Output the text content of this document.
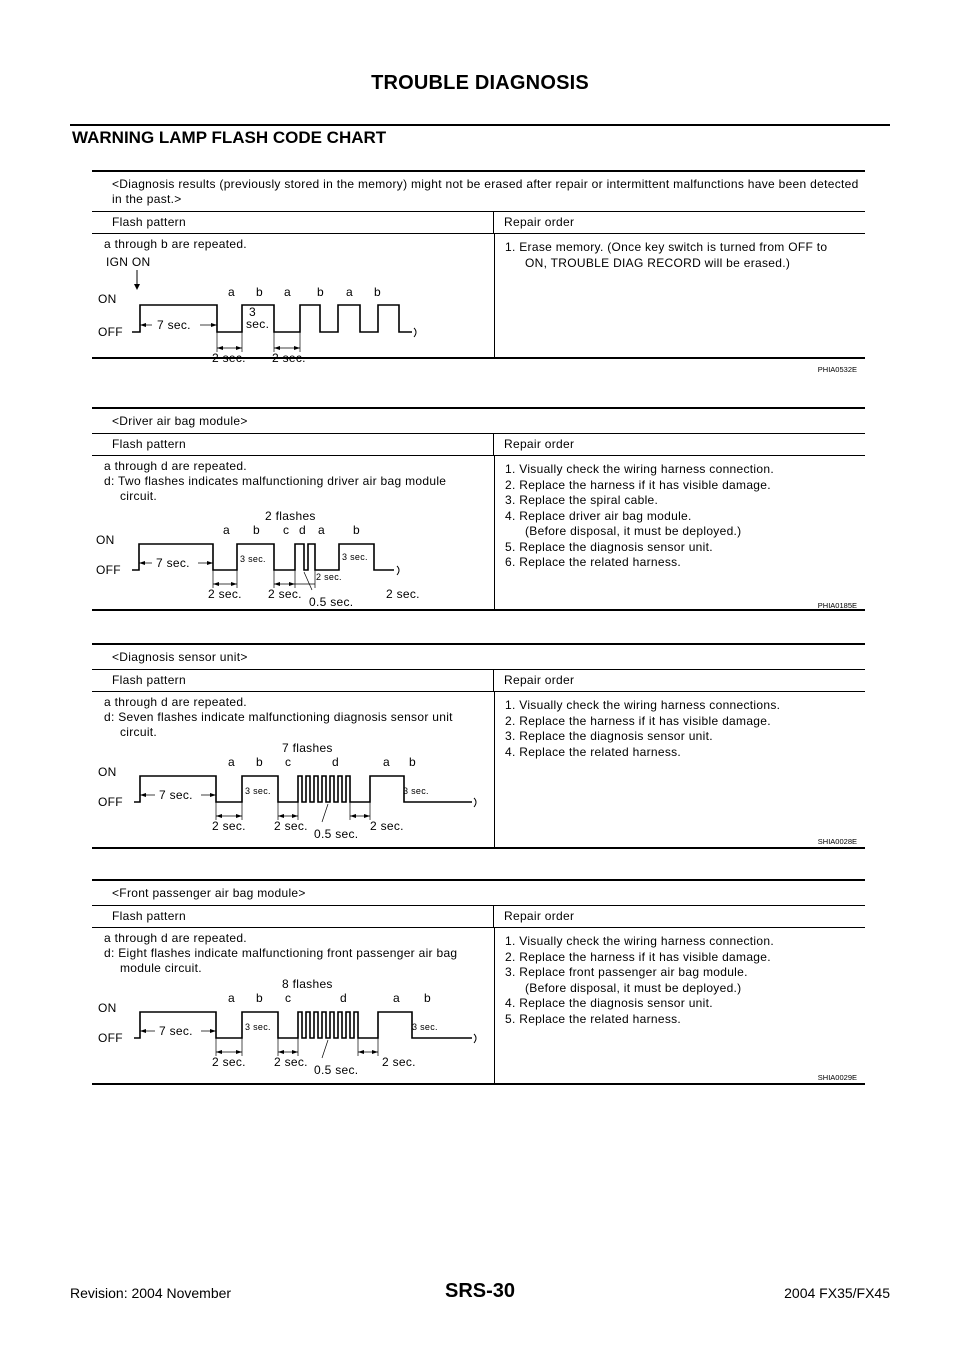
TROUBLE DIAGNOSIS
WARNING LAMP FLASH CODE CHART
<Diagnosis results (previously stored in the memory) might not be erased after repair or intermittent malfunctions have been detected in the past.>
Flash pattern	Repair order
a through b are repeated.
IGN ON
ON
OFF	7 sec.
a b a b a b
3
sec.
2 sec. 2 sec.
1. Erase memory. (Once key switch is turned from OFF to
ON, TROUBLE DIAG RECORD will be erased.)
PHIA0532E
<Driver air bag module>
Flash pattern	Repair order
a through d are repeated.
d: Two flashes indicates malfunctioning driver air bag module
circuit.
2 flashes
ON
OFF	7 sec.
a b c d a b
3 sec.	3 sec.
2 sec.
2 sec. 2 sec.
0.5 sec.
2 sec.
1. Visually check the wiring harness connection.
2. Replace the harness if it has visible damage.
3. Replace the spiral cable.
4. Replace driver air bag module.
(Before disposal, it must be deployed.)
5. Replace the diagnosis sensor unit.
6. Replace the related harness.
PHIA0185E
<Diagnosis sensor unit>
Flash pattern	Repair order
a through d are repeated.
d: Seven flashes indicate malfunctioning diagnosis sensor unit
circuit.
7 flashes
ON
OFF	7 sec.
a b c	d	a b
3 sec.	3 sec.
2 sec. 2 sec.
0.5 sec.
2 sec.
1. Visually check the wiring harness connections.
2. Replace the harness if it has visible damage.
3. Replace the diagnosis sensor unit.
4. Replace the related harness.
SHIA0028E
<Front passenger air bag module>
Flash pattern	Repair order
a through d are repeated.
d: Eight flashes indicate malfunctioning front passenger air bag
module circuit.
8 flashes
ON
OFF	7 sec.
a b c	d	a b
3 sec.	3 sec.
2 sec. 2 sec.
0.5 sec.
2 sec.
1. Visually check the wiring harness connection.
2. Replace the harness if it has visible damage.
3. Replace front passenger air bag module.
(Before disposal, it must be deployed.)
4. Replace the diagnosis sensor unit.
5. Replace the related harness.
SHIA0029E
Revision: 2004 November	SRS-30	2004 FX35/FX45
